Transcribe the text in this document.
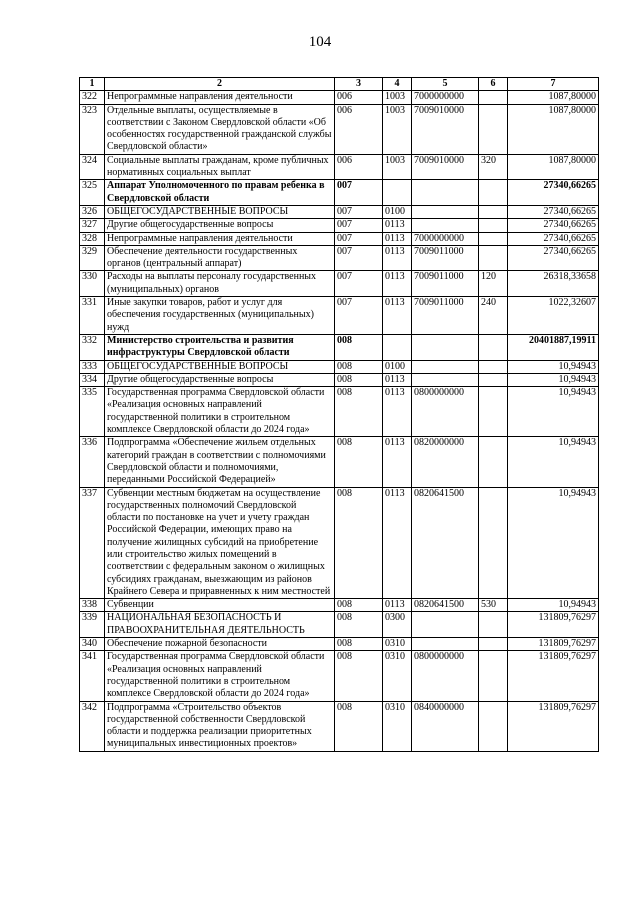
104
1	2	3	4	5	6	7
322	Непрограммные направления деятельности	006	1003	7000000000		1087,80000
323	Отдельные выплаты, осуществляемые в соответствии с Законом Свердловской области «Об особенностях государственной гражданской службы Свердловской области»	006	1003	7009010000		1087,80000
324	Социальные выплаты гражданам, кроме публичных нормативных социальных выплат	006	1003	7009010000	320	1087,80000
325	Аппарат Уполномоченного по правам ребенка в Свердловской области	007				27340,66265
326	ОБЩЕГОСУДАРСТВЕННЫЕ ВОПРОСЫ	007	0100			27340,66265
327	Другие общегосударственные вопросы	007	0113			27340,66265
328	Непрограммные направления деятельности	007	0113	7000000000		27340,66265
329	Обеспечение деятельности государственных органов (центральный аппарат)	007	0113	7009011000		27340,66265
330	Расходы на выплаты персоналу государственных (муниципальных) органов	007	0113	7009011000	120	26318,33658
331	Иные закупки товаров, работ и услуг для обеспечения государственных (муниципальных) нужд	007	0113	7009011000	240	1022,32607
332	Министерство строительства и развития инфраструктуры Свердловской области	008				20401887,19911
333	ОБЩЕГОСУДАРСТВЕННЫЕ ВОПРОСЫ	008	0100			10,94943
334	Другие общегосударственные вопросы	008	0113			10,94943
335	Государственная программа Свердловской области «Реализация основных направлений государственной политики в строительном комплексе Свердловской области до 2024 года»	008	0113	0800000000		10,94943
336	Подпрограмма «Обеспечение жильем отдельных категорий граждан в соответствии с полномочиями Свердловской области и полномочиями, переданными Российской Федерацией»	008	0113	0820000000		10,94943
337	Субвенции местным бюджетам на осуществление государственных полномочий Свердловской области по постановке на учет и учету граждан Российской Федерации, имеющих право на получение жилищных субсидий на приобретение или строительство жилых помещений в соответствии с федеральным законом о жилищных субсидиях гражданам, выезжающим из районов Крайнего Севера и приравненных к ним местностей	008	0113	0820641500		10,94943
338	Субвенции	008	0113	0820641500	530	10,94943
339	НАЦИОНАЛЬНАЯ БЕЗОПАСНОСТЬ И ПРАВООХРАНИТЕЛЬНАЯ ДЕЯТЕЛЬНОСТЬ	008	0300			131809,76297
340	Обеспечение пожарной безопасности	008	0310			131809,76297
341	Государственная программа Свердловской области «Реализация основных направлений государственной политики в строительном комплексе Свердловской области до 2024 года»	008	0310	0800000000		131809,76297
342	Подпрограмма «Строительство объектов государственной собственности Свердловской области и поддержка реализации приоритетных муниципальных инвестиционных проектов»	008	0310	0840000000		131809,76297
